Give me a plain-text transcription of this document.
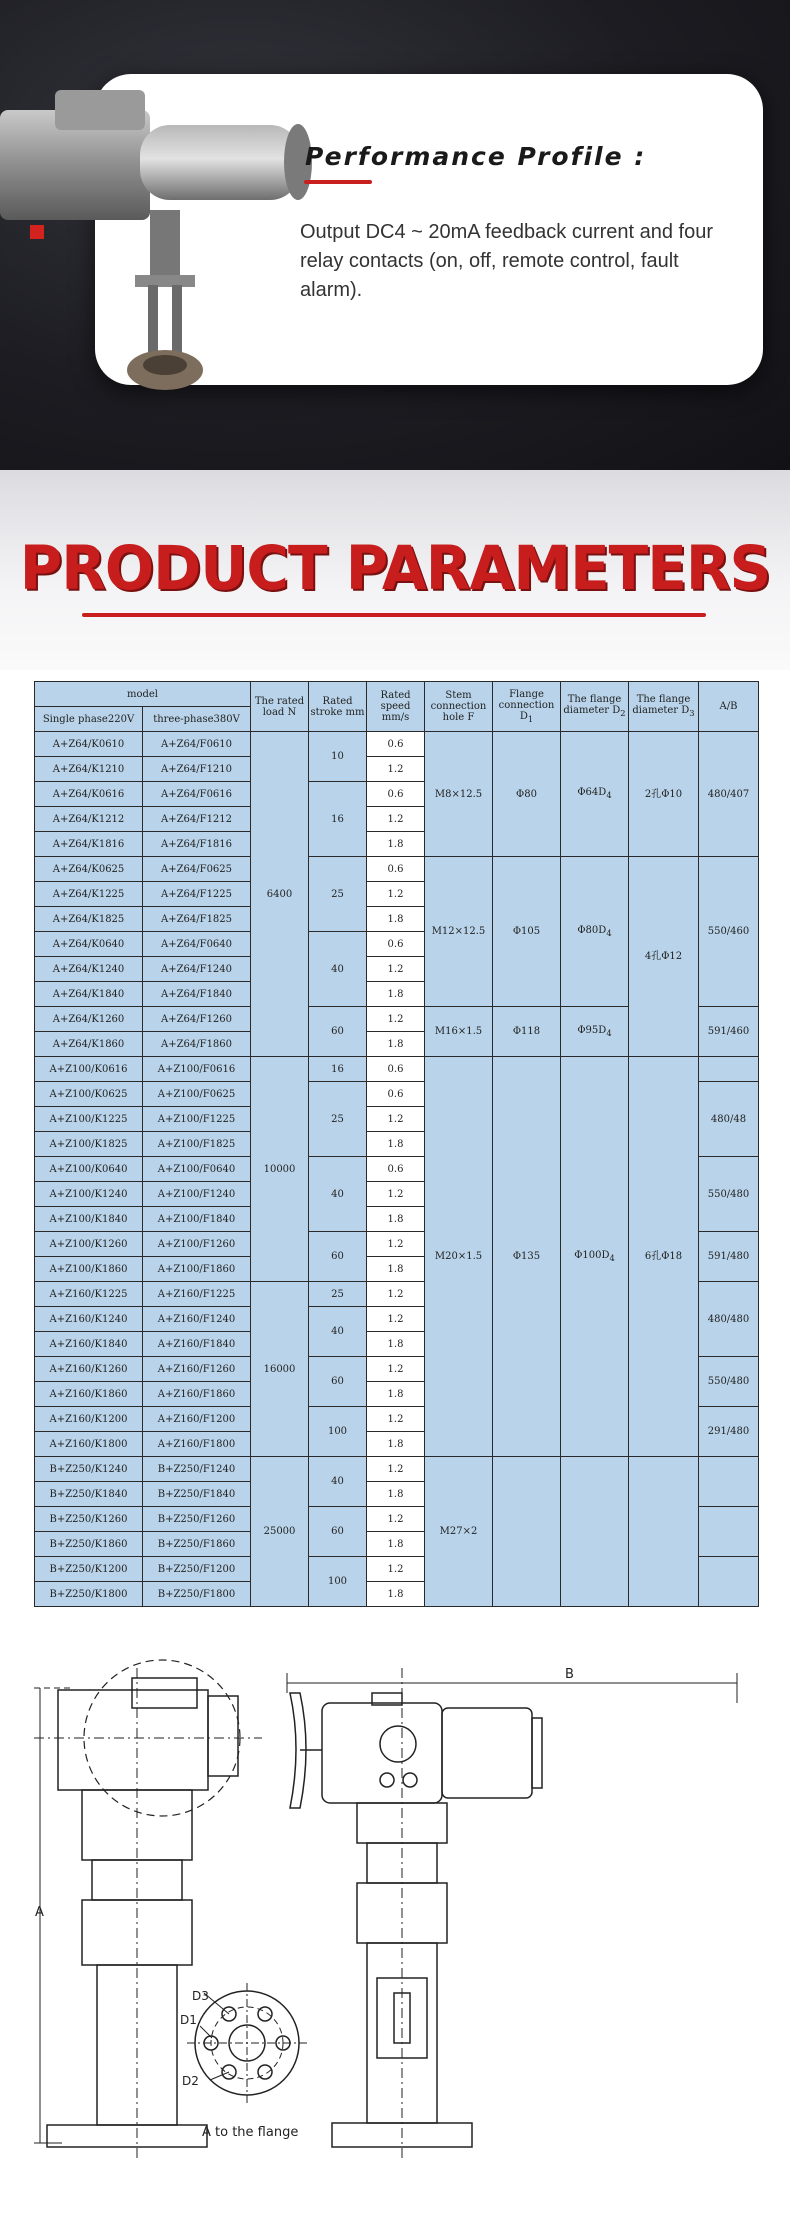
Performance Profile :
Output DC4 ~ 20mA feedback current and four relay contacts (on, off, remote control, fault alarm).
PRODUCT PARAMETERS
model		The rated load N	Rated stroke mm	Rated speed mm/s	Stem connection hole F	Flange connection $D_1$	The flange diameter $D_2$	The flange diameter $D_3$	A/B
Single phase220V	three-phase380V								
A+Z64/K0610	A+Z64/F0610	6400	10	0.6	M8×12.5	Φ80	$\Phi 64D_4$	2孔Φ10	480/407
A+Z64/K1210	A+Z64/F1210			1.2					
A+Z64/K0616	A+Z64/F0616		16	0.6					
A+Z64/K1212	A+Z64/F1212			1.2					
A+Z64/K1816	A+Z64/F1816			1.8					
A+Z64/K0625	A+Z64/F0625		25	0.6	M12×12.5	Φ105	$\Phi 80D_4$	4孔Φ12	550/460
A+Z64/K1225	A+Z64/F1225			1.2					
A+Z64/K1825	A+Z64/F1825			1.8					
A+Z64/K0640	A+Z64/F0640		40	0.6					
A+Z64/K1240	A+Z64/F1240			1.2					
A+Z64/K1840	A+Z64/F1840			1.8					
A+Z64/K1260	A+Z64/F1260		60	1.2	M16×1.5	Φ118	$\Phi 95D_4$		591/460
A+Z64/K1860	A+Z64/F1860			1.8					
A+Z100/K0616	A+Z100/F0616	10000	16	0.6	M20×1.5	Φ135	$\Phi 100D_4$	6孔Φ18	
A+Z100/K0625	A+Z100/F0625		25	0.6					480/48
A+Z100/K1225	A+Z100/F1225			1.2					
A+Z100/K1825	A+Z100/F1825			1.8					
A+Z100/K0640	A+Z100/F0640		40	0.6					550/480
A+Z100/K1240	A+Z100/F1240			1.2					
A+Z100/K1840	A+Z100/F1840			1.8					
A+Z100/K1260	A+Z100/F1260		60	1.2					591/480
A+Z100/K1860	A+Z100/F1860			1.8					
A+Z160/K1225	A+Z160/F1225	16000	25	1.2					480/480
A+Z160/K1240	A+Z160/F1240		40	1.2					
A+Z160/K1840	A+Z160/F1840			1.8					
A+Z160/K1260	A+Z160/F1260		60	1.2					550/480
A+Z160/K1860	A+Z160/F1860			1.8					
A+Z160/K1200	A+Z160/F1200		100	1.2					291/480
A+Z160/K1800	A+Z160/F1800			1.8					
B+Z250/K1240	B+Z250/F1240	25000	40	1.2	M27×2				
B+Z250/K1840	B+Z250/F1840			1.8					
B+Z250/K1260	B+Z250/F1260		60	1.2					
B+Z250/K1860	B+Z250/F1860			1.8					
B+Z250/K1200	B+Z250/F1200		100	1.2					
B+Z250/K1800	B+Z250/F1800			1.8					
A
B
D3
D1
D2
A to the flange
